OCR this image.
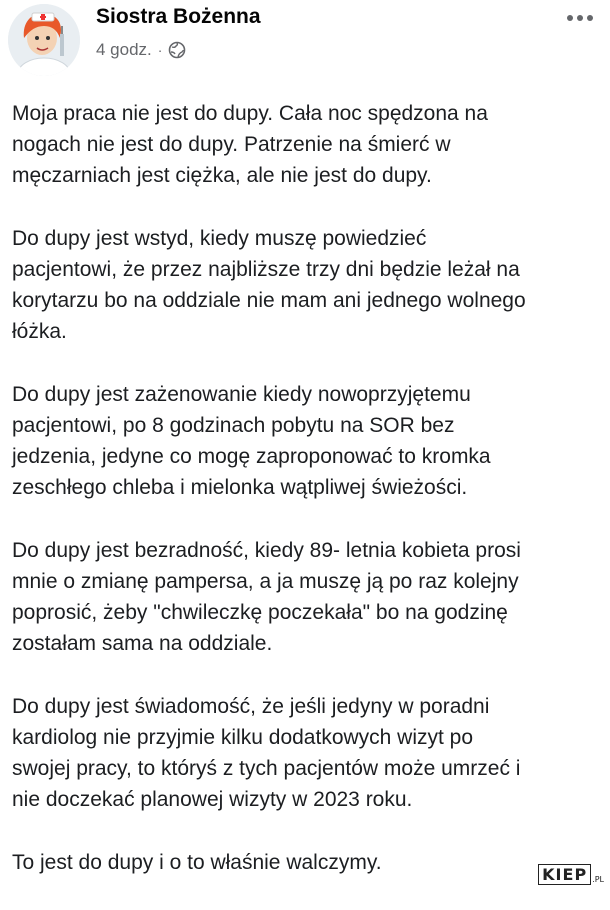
Siostra Bożenna
4 godz. ·

Moja praca nie jest do dupy. Cała noc spędzona na
nogach nie jest do dupy. Patrzenie na śmierć w
męczarniach jest ciężka, ale nie jest do dupy.

Do dupy jest wstyd, kiedy muszę powiedzieć
pacjentowi, że przez najbliższe trzy dni będzie leżał na
korytarzu bo na oddziale nie mam ani jednego wolnego
łóżka.

Do dupy jest zażenowanie kiedy nowoprzyjętemu
pacjentowi, po 8 godzinach pobytu na SOR bez
jedzenia, jedyne co mogę zaproponować to kromka
zeschłego chleba i mielonka wątpliwej świeżości.

Do dupy jest bezradność, kiedy 89- letnia kobieta prosi
mnie o zmianę pampersa, a ja muszę ją po raz kolejny
poprosić, żeby "chwileczkę poczekała" bo na godzinę
zostałam sama na oddziale.

Do dupy jest świadomość, że jeśli jedyny w poradni
kardiolog nie przyjmie kilku dodatkowych wizyt po
swojej pracy, to któryś z tych pacjentów może umrzeć i
nie doczekać planowej wizyty w 2023 roku.

To jest do dupy i o to właśnie walczymy.

KIEP .PL
